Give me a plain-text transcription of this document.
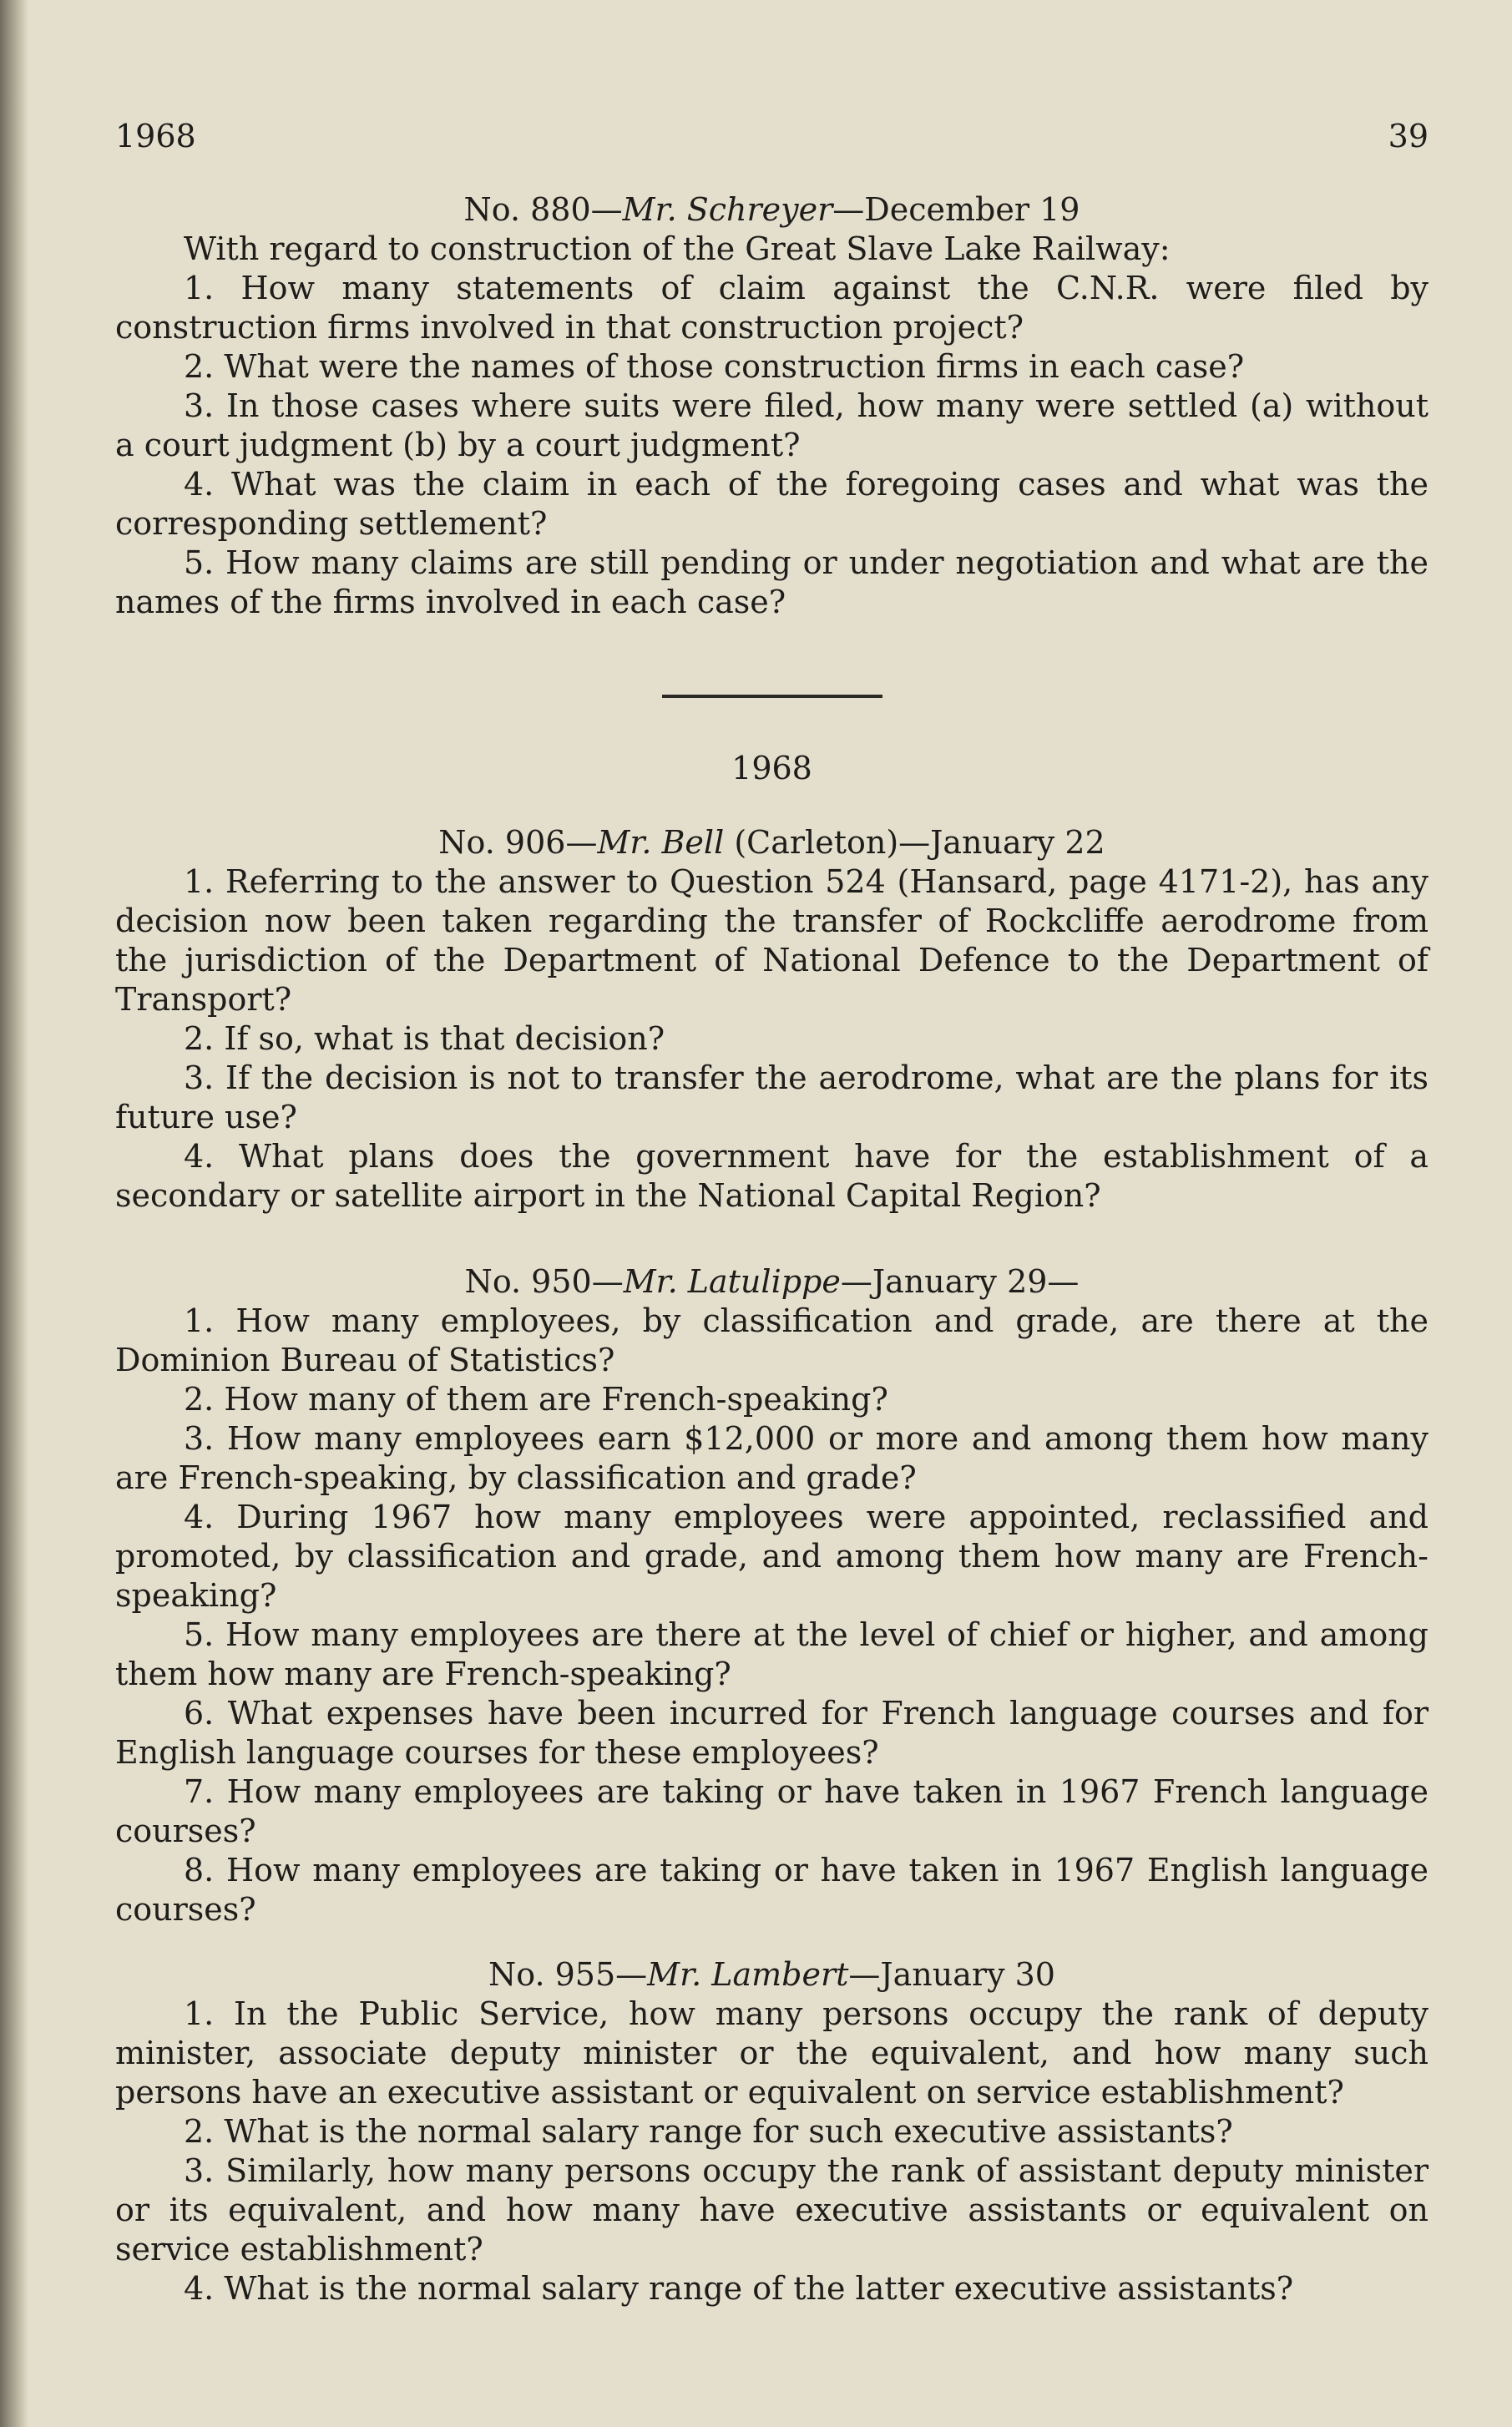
1968	39

No. 880—Mr. Schreyer—December 19

With regard to construction of the Great Slave Lake Railway:

1. How many statements of claim against the C.N.R. were filed by construction firms involved in that construction project?

2. What were the names of those construction firms in each case?

3. In those cases where suits were filed, how many were settled (a) without a court judgment (b) by a court judgment?

4. What was the claim in each of the foregoing cases and what was the corresponding settlement?

5. How many claims are still pending or under negotiation and what are the names of the firms involved in each case?

1968

No. 906—Mr. Bell (Carleton)—January 22

1. Referring to the answer to Question 524 (Hansard, page 4171-2), has any decision now been taken regarding the transfer of Rockcliffe aerodrome from the jurisdiction of the Department of National Defence to the Department of Transport?

2. If so, what is that decision?

3. If the decision is not to transfer the aerodrome, what are the plans for its future use?

4. What plans does the government have for the establishment of a secondary or satellite airport in the National Capital Region?

No. 950—Mr. Latulippe—January 29—

1. How many employees, by classification and grade, are there at the Dominion Bureau of Statistics?

2. How many of them are French-speaking?

3. How many employees earn $12,000 or more and among them how many are French-speaking, by classification and grade?

4. During 1967 how many employees were appointed, reclassified and promoted, by classification and grade, and among them how many are French-speaking?

5. How many employees are there at the level of chief or higher, and among them how many are French-speaking?

6. What expenses have been incurred for French language courses and for English language courses for these employees?

7. How many employees are taking or have taken in 1967 French language courses?

8. How many employees are taking or have taken in 1967 English language courses?

No. 955—Mr. Lambert—January 30

1. In the Public Service, how many persons occupy the rank of deputy minister, associate deputy minister or the equivalent, and how many such persons have an executive assistant or equivalent on service establishment?

2. What is the normal salary range for such executive assistants?

3. Similarly, how many persons occupy the rank of assistant deputy minister or its equivalent, and how many have executive assistants or equivalent on service establishment?

4. What is the normal salary range of the latter executive assistants?
